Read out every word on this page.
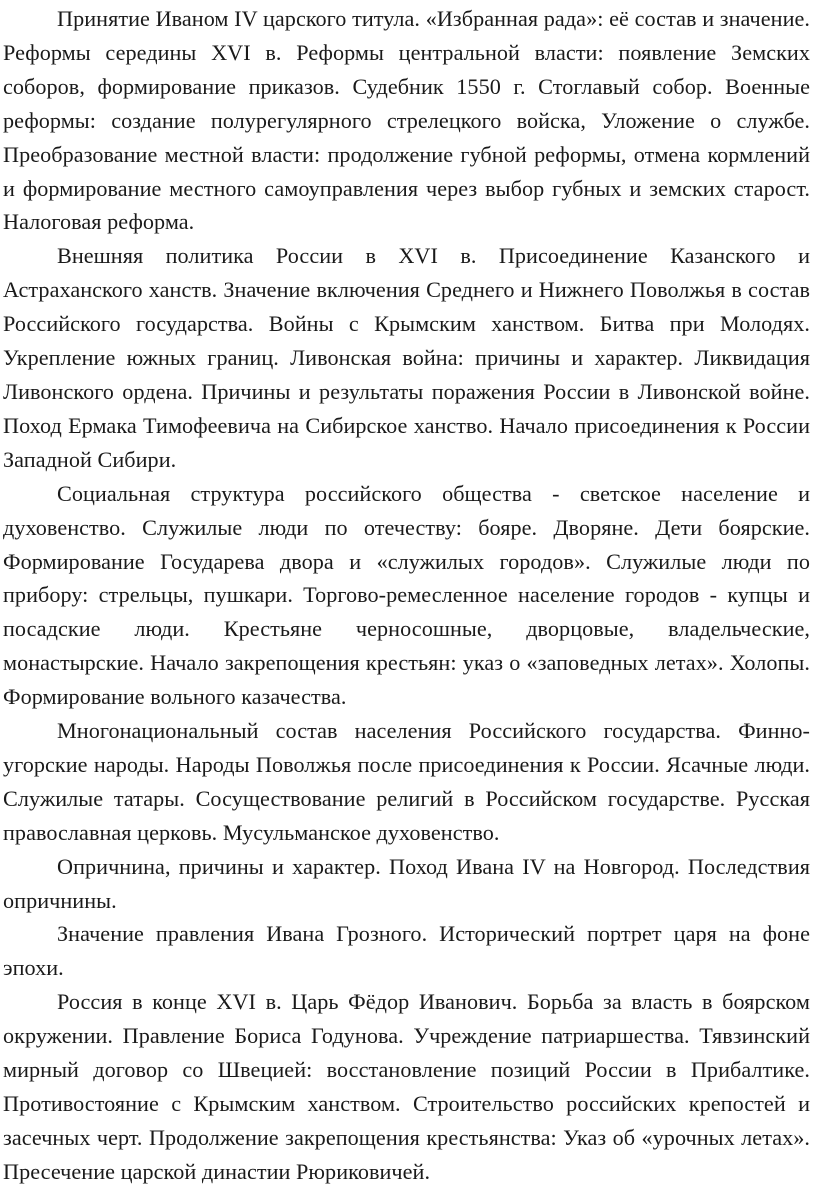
Принятие Иваном IV царского титула. «Избранная рада»: её состав и значение. Реформы середины XVI в. Реформы центральной власти: появление Земских соборов, формирование приказов. Судебник 1550 г. Стоглавый собор. Военные реформы: создание полурегулярного стрелецкого войска, Уложение о службе. Преобразование местной власти: продолжение губной реформы, отмена кормлений и формирование местного самоуправления через выбор губных и земских старост. Налоговая реформа.

Внешняя политика России в XVI в. Присоединение Казанского и Астраханского ханств. Значение включения Среднего и Нижнего Поволжья в состав Российского государства. Войны с Крымским ханством. Битва при Молодях. Укрепление южных границ. Ливонская война: причины и характер. Ликвидация Ливонского ордена. Причины и результаты поражения России в Ливонской войне. Поход Ермака Тимофеевича на Сибирское ханство. Начало присоединения к России Западной Сибири.

Социальная структура российского общества - светское население и духовенство. Служилые люди по отечеству: бояре. Дворяне. Дети боярские. Формирование Государева двора и «служилых городов». Служилые люди по прибору: стрельцы, пушкари. Торгово-ремесленное население городов - купцы и посадские люди. Крестьяне черносошные, дворцовые, владельческие, монастырские. Начало закрепощения крестьян: указ о «заповедных летах». Холопы. Формирование вольного казачества.

Многонациональный состав населения Российского государства. Финно-угорские народы. Народы Поволжья после присоединения к России. Ясачные люди. Служилые татары. Сосуществование религий в Российском государстве. Русская православная церковь. Мусульманское духовенство.

Опричнина, причины и характер. Поход Ивана IV на Новгород. Последствия опричнины.

Значение правления Ивана Грозного. Исторический портрет царя на фоне эпохи.

Россия в конце XVI в. Царь Фёдор Иванович. Борьба за власть в боярском окружении. Правление Бориса Годунова. Учреждение патриаршества. Тявзинский мирный договор со Швецией: восстановление позиций России в Прибалтике. Противостояние с Крымским ханством. Строительство российских крепостей и засечных черт. Продолжение закрепощения крестьянства: Указ об «урочных летах». Пресечение царской династии Рюриковичей.
